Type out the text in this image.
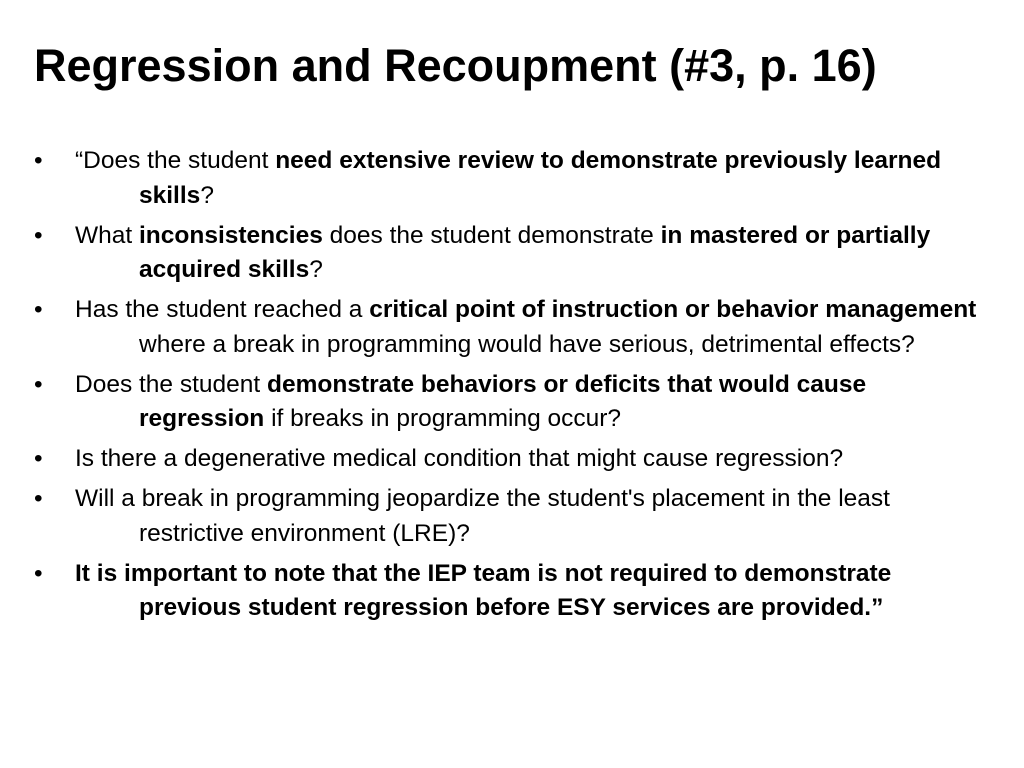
Regression and Recoupment (#3, p. 16)
• “Does the student need extensive review to demonstrate previously learned skills?
• What inconsistencies does the student demonstrate in mastered or partially acquired skills?
• Has the student reached a critical point of instruction or behavior management where a break in programming would have serious, detrimental effects?
• Does the student demonstrate behaviors or deficits that would cause regression if breaks in programming occur?
• Is there a degenerative medical condition that might cause regression?
• Will a break in programming jeopardize the student's placement in the least restrictive environment (LRE)?
• It is important to note that the IEP team is not required to demonstrate previous student regression before ESY services are provided.”
